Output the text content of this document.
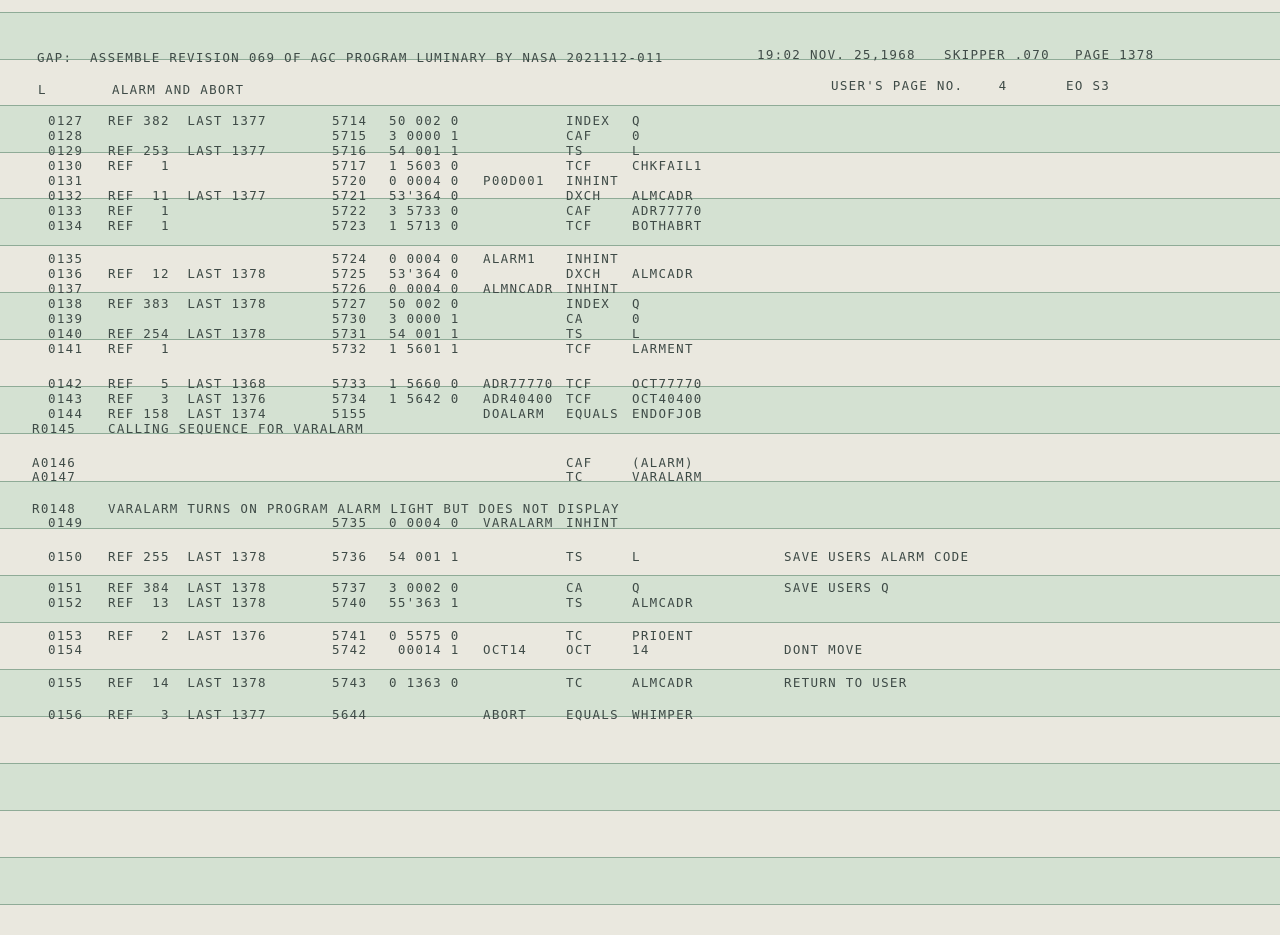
GAP:  ASSEMBLE REVISION 069 OF AGC PROGRAM LUMINARY BY NASA 2021112-011	19:02 NOV. 25,1968 SKIPPER .070 PAGE 1378
L	ALARM AND ABORT	USER'S PAGE NO.    4	EO S3
0127 REF 382  LAST 1377	5714 50 002 0	INDEX Q
0128	5715 3 0000 1	CAF	0
0129 REF 253  LAST 1377	5716 54 001 1	TS	L
0130 REF   1	5717 1 5603 0	TCF	CHKFAIL1
0131	5720 0 0004 0 P00D001 INHINT
0132 REF  11  LAST 1377	5721 53'364 0	DXCH ALMCADR
0133 REF   1	5722 3 5733 0	CAF	ADR77770
0134 REF   1	5723 1 5713 0	TCF	BOTHABRT
0135	5724 0 0004 0 ALARM1 INHINT
0136 REF  12  LAST 1378	5725 53'364 0	DXCH ALMCADR
0137	5726 0 0004 0 ALMNCADR INHINT
0138 REF 383  LAST 1378	5727 50 002 0	INDEX Q
0139	5730 3 0000 1	CA	0
0140 REF 254  LAST 1378	5731 54 001 1	TS	L
0141 REF   1	5732 1 5601 1	TCF	LARMENT
0142 REF   5  LAST 1368	5733 1 5660 0 ADR77770 TCF	OCT77770
0143 REF   3  LAST 1376	5734 1 5642 0 ADR40400 TCF	OCT40400
0144 REF 158  LAST 1374	5155	DOALARM EQUALS ENDOFJOB
R0145	CALLING SEQUENCE FOR VARALARM
A0146	CAF	(ALARM)
A0147	TC	VARALARM
R0148	VARALARM TURNS ON PROGRAM ALARM LIGHT BUT DOES NOT DISPLAY
0149	5735 0 0004 0 VARALARM INHINT
0150 REF 255  LAST 1378	5736 54 001 1	TS	L	SAVE USERS ALARM CODE
0151 REF 384  LAST 1378	5737 3 0002 0	CA	Q	SAVE USERS Q
0152 REF  13  LAST 1378	5740 55'363 1	TS	ALMCADR
0153 REF   2  LAST 1376	5741 0 5575 0	TC	PRIOENT
0154	5742 00014 1 OCT14	OCT	14	DONT MOVE
0155 REF  14  LAST 1378	5743 0 1363 0	TC	ALMCADR	RETURN TO USER
0156 REF   3  LAST 1377	5644	ABORT	EQUALS WHIMPER
